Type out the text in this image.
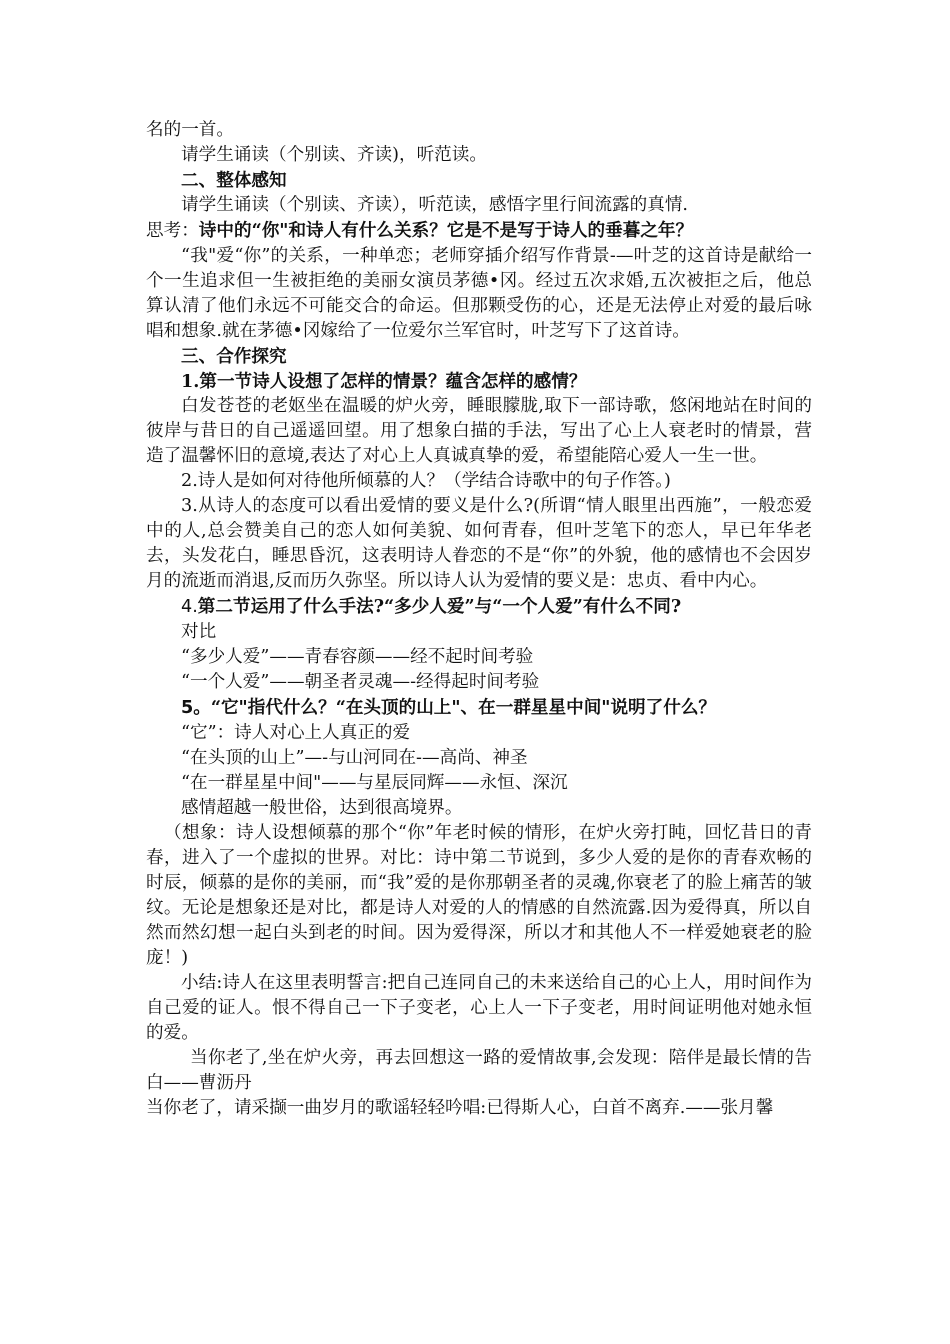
名的一首。

请学生诵读（个别读、齐读)，听范读。

二、整体感知

请学生诵读（个别读、齐读），听范读，感悟字里行间流露的真情.

思考：诗中的“你"和诗人有什么关系？它是不是写于诗人的垂暮之年？

“我"爱“你”的关系，一种单恋；老师穿插介绍写作背景-—叶芝的这首诗是献给一个一生追求但一生被拒绝的美丽女演员茅德•冈。经过五次求婚,五次被拒之后，他总算认清了他们永远不可能交合的命运。但那颗受伤的心，还是无法停止对爱的最后咏唱和想象.就在茅德•冈嫁给了一位爱尔兰军官时，叶芝写下了这首诗。

三、合作探究

1.第一节诗人设想了怎样的情景？蕴含怎样的感情？

白发苍苍的老妪坐在温暖的炉火旁，睡眼朦胧,取下一部诗歌，悠闲地站在时间的彼岸与昔日的自己遥遥回望。用了想象白描的手法，写出了心上人衰老时的情景，营造了温馨怀旧的意境,表达了对心上人真诚真挚的爱，希望能陪心爱人一生一世。

2.诗人是如何对待他所倾慕的人？（学结合诗歌中的句子作答。)

3.从诗人的态度可以看出爱情的要义是什么?(所谓“情人眼里出西施”，一般恋爱中的人,总会赞美自己的恋人如何美貌、如何青春，但叶芝笔下的恋人，早已年华老去，头发花白，睡思昏沉，这表明诗人眷恋的不是“你”的外貌，他的感情也不会因岁月的流逝而消退,反而历久弥坚。所以诗人认为爱情的要义是：忠贞、看中内心。

4.第二节运用了什么手法?“多少人爱”与“一个人爱”有什么不同?

对比

“多少人爱”——青春容颜——经不起时间考验

“一个人爱”——朝圣者灵魂—-经得起时间考验

5。“它"指代什么？“在头顶的山上"、在一群星星中间"说明了什么？

“它”：诗人对心上人真正的爱

“在头顶的山上”—-与山河同在-—高尚、神圣

“在一群星星中间"——与星辰同辉——永恒、深沉

感情超越一般世俗，达到很高境界。

（想象：诗人设想倾慕的那个“你”年老时候的情形，在炉火旁打盹，回忆昔日的青春，进入了一个虚拟的世界。对比：诗中第二节说到，多少人爱的是你的青春欢畅的时辰，倾慕的是你的美丽，而“我”爱的是你那朝圣者的灵魂,你衰老了的脸上痛苦的皱纹。无论是想象还是对比，都是诗人对爱的人的情感的自然流露.因为爱得真，所以自然而然幻想一起白头到老的时间。因为爱得深，所以才和其他人不一样爱她衰老的脸庞！)

小结:诗人在这里表明誓言:把自己连同自己的未来送给自己的心上人，用时间作为自己爱的证人。恨不得自己一下子变老，心上人一下子变老，用时间证明他对她永恒的爱。

当你老了,坐在炉火旁，再去回想这一路的爱情故事,会发现：陪伴是最长情的告白——曹沥丹

当你老了，请采撷一曲岁月的歌谣轻轻吟唱:已得斯人心，白首不离弃.——张月馨
